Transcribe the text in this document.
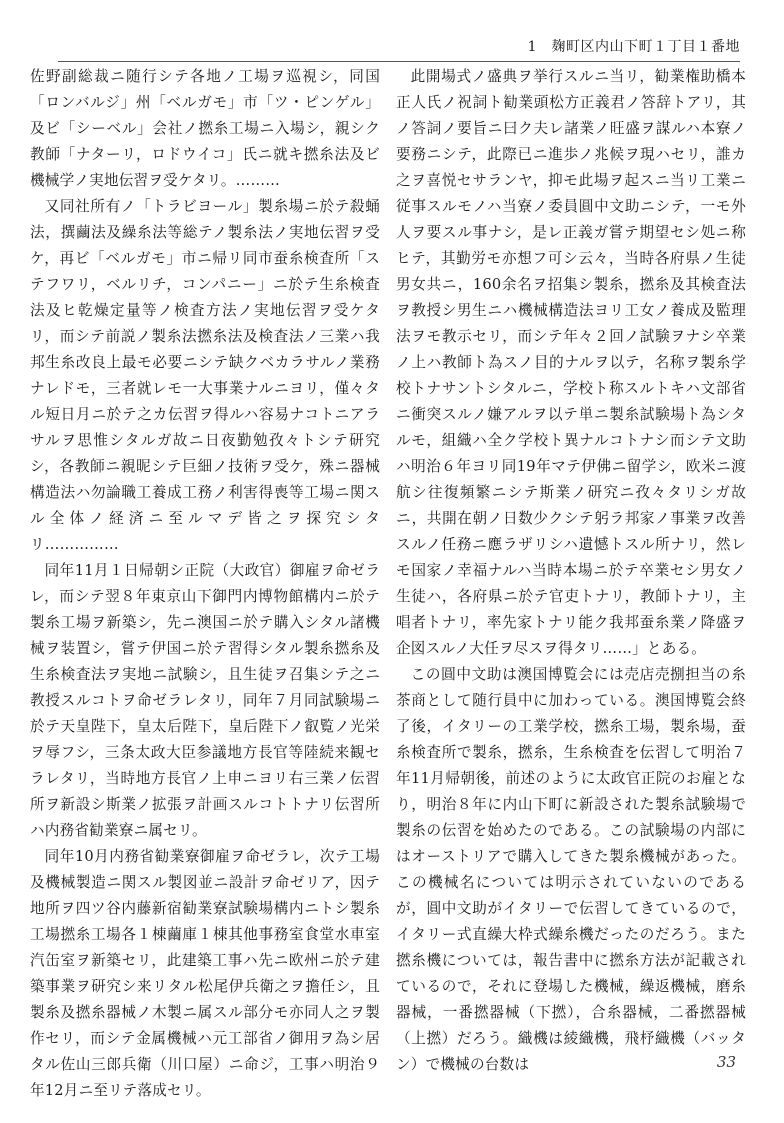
1　麹町区内山下町１丁目１番地

佐野副総裁ニ随行シテ各地ノ工場ヲ巡視シ，同国「ロンバルジ」州「ベルガモ」市「ツ・ピンゲル」及ビ「シーベル」会社ノ撚糸工場ニ入場シ，親シク教師「ナターリ，ロドウイコ」氏ニ就キ撚糸法及ビ機械学ノ実地伝習ヲ受ケタリ。………

又同社所有ノ「トラビヨール」製糸場ニ於テ殺蛹法，撰繭法及繰糸法等総テノ製糸法ノ実地伝習ヲ受ケ，再ビ「ベルガモ」市ニ帰リ同市蚕糸検査所「ステフワリ，ベルリチ，コンパニー」ニ於テ生糸検査法及ヒ乾燥定量等ノ検査方法ノ実地伝習ヲ受ケタリ，而シテ前説ノ製糸法撚糸法及検査法ノ三業ハ我邦生糸改良上最モ必要ニシテ缺クベカラサルノ業務ナレドモ，三者就レモ一大事業ナルニヨリ，僅々タル短日月ニ於テ之カ伝習ヲ得ルハ容易ナコトニアラサルヲ思惟シタルガ故ニ日夜勤勉孜々トシテ研究シ，各教師ニ親昵シテ巨細ノ技術ヲ受ケ，殊ニ器械構造法ハ勿論職工養成工務ノ利害得喪等工場ニ関スル全体ノ経済ニ至ルマデ皆之ヲ探究シタリ……………

同年11月１日帰朝シ正院（大政官）御雇ヲ命ゼラレ，而シテ翌８年東京山下御門内博物館構内ニ於テ製糸工場ヲ新築シ，先ニ澳国ニ於テ購入シタル諸機械ヲ装置シ，嘗テ伊国ニ於テ習得シタル製糸撚糸及生糸検査法ヲ実地ニ試験シ，且生徒ヲ召集シテ之ニ教授スルコトヲ命ゼラレタリ，同年７月同試験場ニ於テ天皇陛下，皇太后陛下，皇后陛下ノ叡覧ノ光栄ヲ辱フシ，三条太政大臣参議地方長官等陸続来観セラレタリ，当時地方長官ノ上申ニヨリ右三業ノ伝習所ヲ新設シ斯業ノ拡張ヲ計画スルコトトナリ伝習所ハ内務省勧業寮ニ属セリ。

同年10月内務省勧業寮御雇ヲ命ゼラレ，次テ工場及機械製造ニ関スル製図並ニ設計ヲ命ゼリア，因テ地所ヲ四ツ谷内藤新宿勧業寮試験場構内ニトシ製糸工場撚糸工場各１棟繭庫１棟其他事務室食堂水車室汽缶室ヲ新築セリ，此建築工事ハ先ニ欧州ニ於テ建築事業ヲ研究シ来リタル松尾伊兵衛之ヲ擔任シ，且製糸及撚糸器械ノ木製ニ属スル部分モ亦同人之ヲ製作セリ，而シテ金属機械ハ元工部省ノ御用ヲ為シ居タル佐山三郎兵衛（川口屋）ニ命ジ，工事ハ明治９年12月ニ至リテ落成セリ。

此開場式ノ盛典ヲ挙行スルニ当リ，勧業権助橋本正人氏ノ祝詞ト勧業頭松方正義君ノ答辞トアリ，其ノ答詞ノ要旨ニ曰ク夫レ諸業ノ旺盛ヲ謀ルハ本寮ノ要務ニシテ，此際已ニ進歩ノ兆候ヲ現ハセリ，誰カ之ヲ喜悦セサランヤ，抑モ此場ヲ起スニ当リ工業ニ従事スルモノハ当寮ノ委員圓中文助ニシテ，一モ外人ヲ要スル事ナシ，是レ正義ガ嘗テ期望セシ処ニ称ヒテ，其勤労モ亦想フ可シ云々，当時各府県ノ生徒男女共ニ，160余名ヲ招集シ製糸，撚糸及其検査法ヲ教授シ男生ニハ機械構造法ヨリ工女ノ養成及監理法ヲモ教示セリ，而シテ年々２回ノ試験ヲナシ卒業ノ上ハ教師ト為スノ目的ナルヲ以テ，名称ヲ製糸学校トナサントシタルニ，学校ト称スルトキハ文部省ニ衝突スルノ嫌アルヲ以テ単ニ製糸試験場ト為シタルモ，組織ハ全ク学校ト異ナルコトナシ而シテ文助ハ明治６年ヨリ同19年マテ伊佛ニ留学シ，欧米ニ渡航シ往復頻繁ニシテ斯業ノ研究ニ孜々タリシガ故ニ，共開在朝ノ日数少クシテ躬ラ邦家ノ事業ヲ改善スルノ任務ニ應ラザリシハ遺憾トスル所ナリ，然レモ国家ノ幸福ナルハ当時本場ニ於テ卒業セシ男女ノ生徒ハ，各府県ニ於テ官吏トナリ，教師トナリ，主唱者トナリ，率先家トナリ能ク我邦蚕糸業ノ降盛ヲ企図スルノ大任ヲ尽スヲ得タリ……」とある。

この圓中文助は澳国博覧会には売店売捌担当の糸茶商として随行員中に加わっている。澳国博覧会終了後，イタリーの工業学校，撚糸工場，製糸場，蚕糸検査所で製糸，撚糸，生糸検査を伝習して明治７年11月帰朝後，前述のように太政官正院のお雇となり，明治８年に内山下町に新設された製糸試験場で製糸の伝習を始めたのである。この試験場の内部にはオーストリアで購入してきた製糸機械があった。この機械名については明示されていないのであるが，圓中文助がイタリーで伝習してきているので，イタリー式直繰大枠式繰糸機だったのだろう。また撚糸機については，報告書中に撚糸方法が記載されているので，それに登場した機械，繰返機械，磨糸器械，一番撚器械（下撚），合糸器械，二番撚器械（上撚）だろう。織機は綾織機，飛杼織機（バッタン）で機械の台数は	33
